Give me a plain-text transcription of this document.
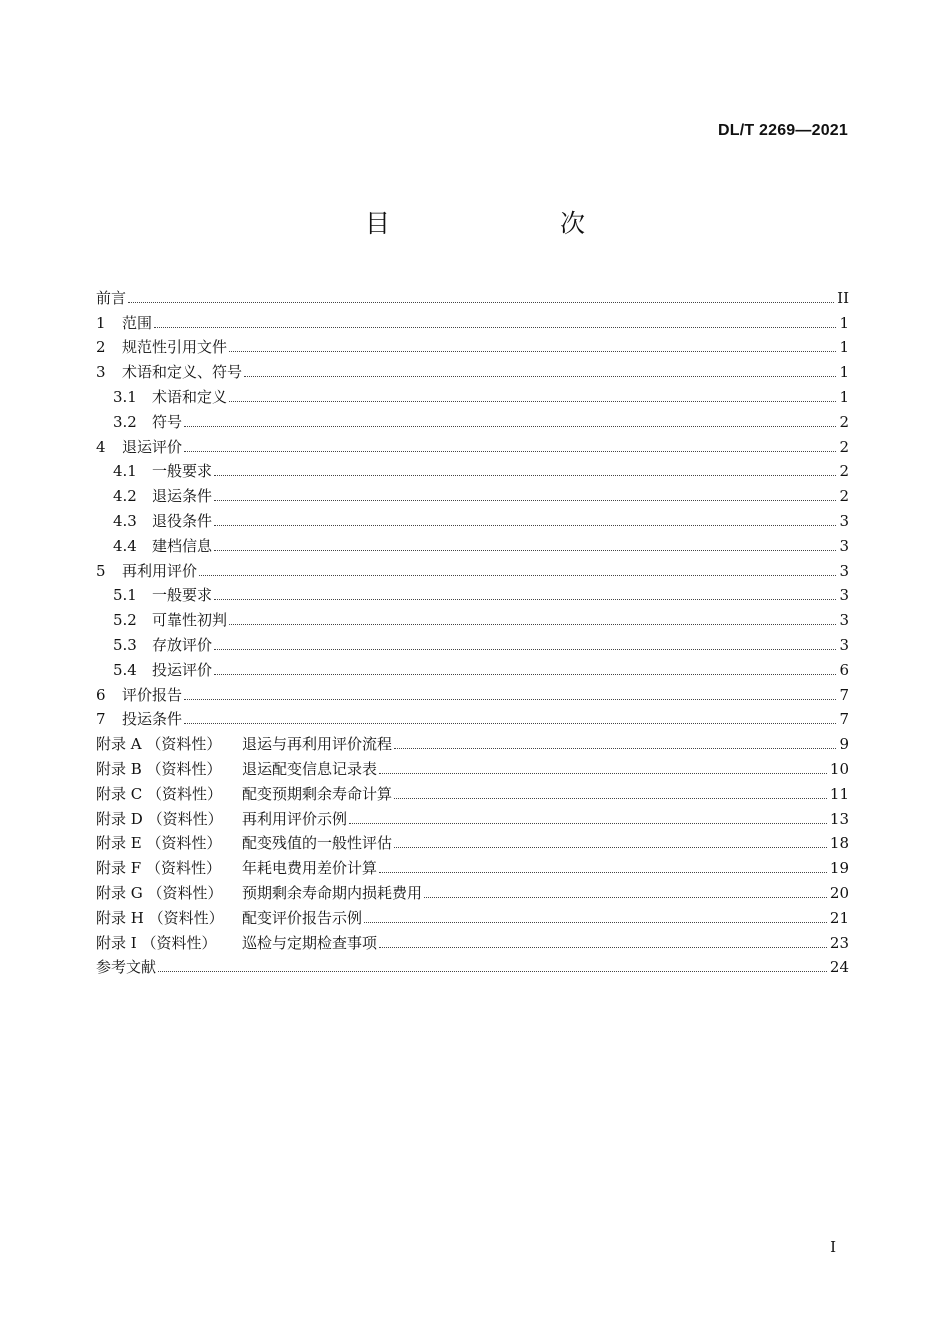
DL/T 2269—2021
目　　次
前言	II
1	范围	1
2	规范性引用文件	1
3	术语和定义、符号	1
3.1	术语和定义	1
3.2	符号	2
4	退运评价	2
4.1	一般要求	2
4.2	退运条件	2
4.3	退役条件	3
4.4	建档信息	3
5	再利用评价	3
5.1	一般要求	3
5.2	可靠性初判	3
5.3	存放评价	3
5.4	投运评价	6
6	评价报告	7
7	投运条件	7
附录 A （资料性）	退运与再利用评价流程	9
附录 B （资料性）	退运配变信息记录表	10
附录 C （资料性）	配变预期剩余寿命计算	11
附录 D （资料性）	再利用评价示例	13
附录 E （资料性）	配变残值的一般性评估	18
附录 F （资料性）	年耗电费用差价计算	19
附录 G （资料性）	预期剩余寿命期内损耗费用	20
附录 H （资料性）	配变评价报告示例	21
附录 I （资料性）	巡检与定期检查事项	23
参考文献	24
I
